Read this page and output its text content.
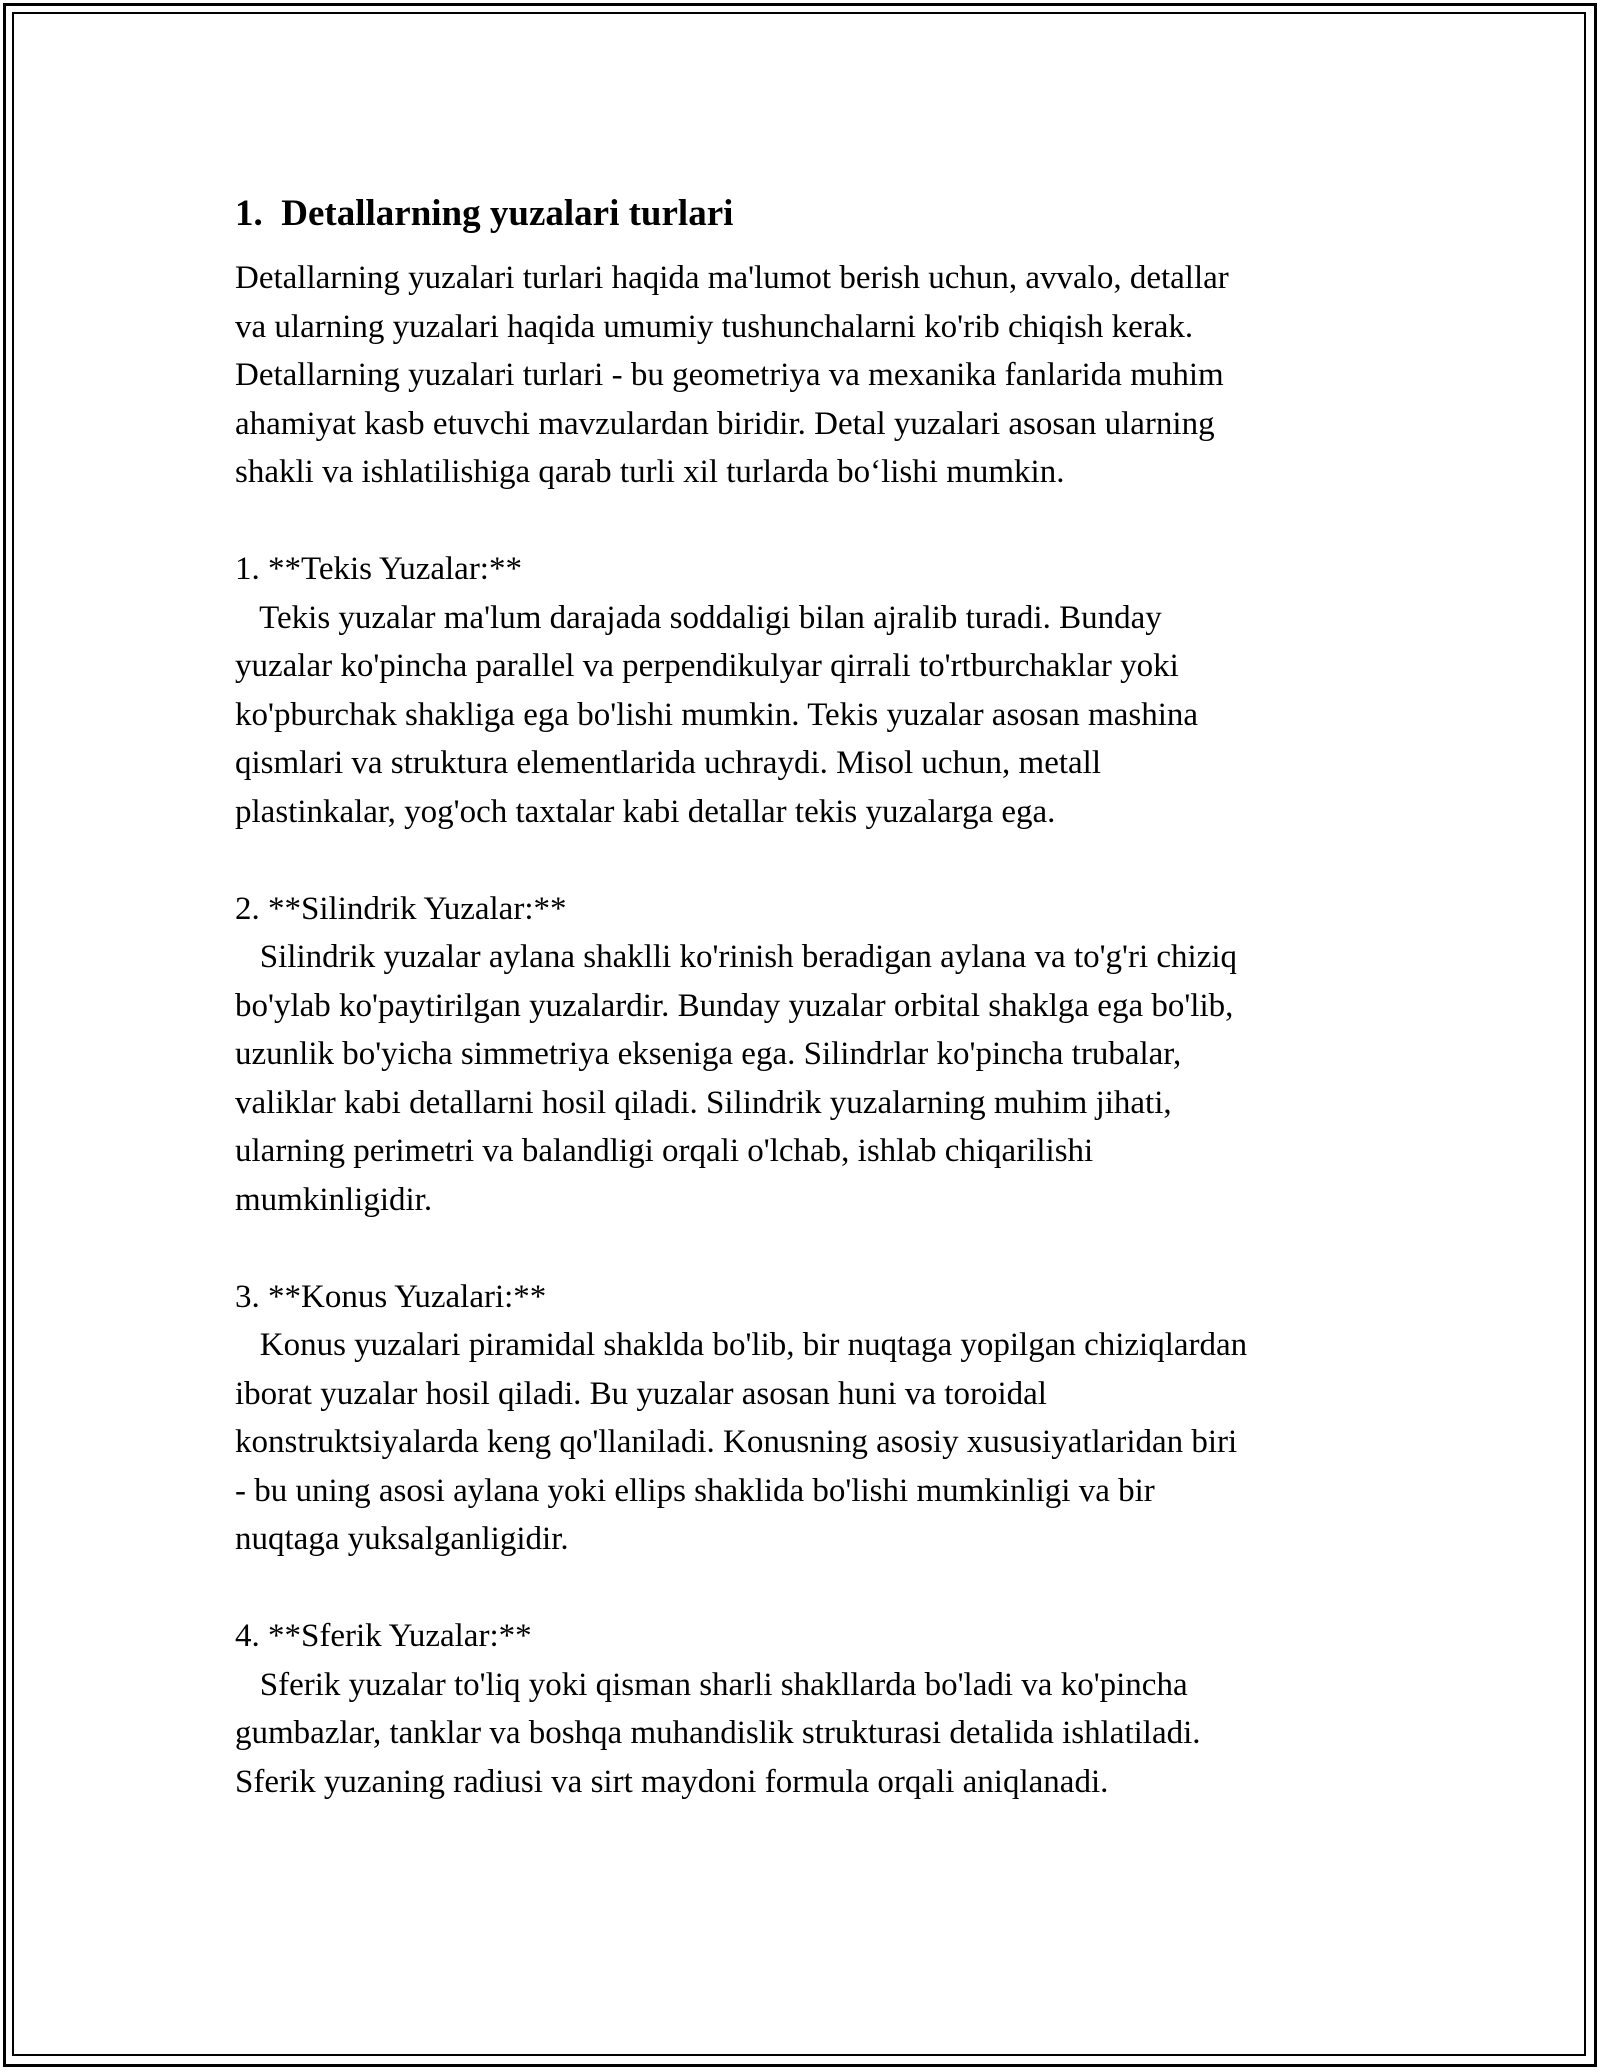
1.  Detallarning yuzalari turlari

Detallarning yuzalari turlari haqida ma'lumot berish uchun, avvalo, detallar
va ularning yuzalari haqida umumiy tushunchalarni ko'rib chiqish kerak.
Detallarning yuzalari turlari - bu geometriya va mexanika fanlarida muhim
ahamiyat kasb etuvchi mavzulardan biridir. Detal yuzalari asosan ularning
shakli va ishlatilishiga qarab turli xil turlarda bo‘lishi mumkin.

1. **Tekis Yuzalar:**

Tekis yuzalar ma'lum darajada soddaligi bilan ajralib turadi. Bunday
yuzalar ko'pincha parallel va perpendikulyar qirrali to'rtburchaklar yoki
ko'pburchak shakliga ega bo'lishi mumkin. Tekis yuzalar asosan mashina
qismlari va struktura elementlarida uchraydi. Misol uchun, metall
plastinkalar, yog'och taxtalar kabi detallar tekis yuzalarga ega.

2. **Silindrik Yuzalar:**

Silindrik yuzalar aylana shaklli ko'rinish beradigan aylana va to'g'ri chiziq
bo'ylab ko'paytirilgan yuzalardir. Bunday yuzalar orbital shaklga ega bo'lib,
uzunlik bo'yicha simmetriya ekseniga ega. Silindrlar ko'pincha trubalar,
valiklar kabi detallarni hosil qiladi. Silindrik yuzalarning muhim jihati,
ularning perimetri va balandligi orqali o'lchab, ishlab chiqarilishi
mumkinligidir.

3. **Konus Yuzalari:**

Konus yuzalari piramidal shaklda bo'lib, bir nuqtaga yopilgan chiziqlardan
iborat yuzalar hosil qiladi. Bu yuzalar asosan huni va toroidal
konstruktsiyalarda keng qo'llaniladi. Konusning asosiy xususiyatlaridan biri
- bu uning asosi aylana yoki ellips shaklida bo'lishi mumkinligi va bir
nuqtaga yuksalganligidir.

4. **Sferik Yuzalar:**

Sferik yuzalar to'liq yoki qisman sharli shakllarda bo'ladi va ko'pincha
gumbazlar, tanklar va boshqa muhandislik strukturasi detalida ishlatiladi.
Sferik yuzaning radiusi va sirt maydoni formula orqali aniqlanadi.
